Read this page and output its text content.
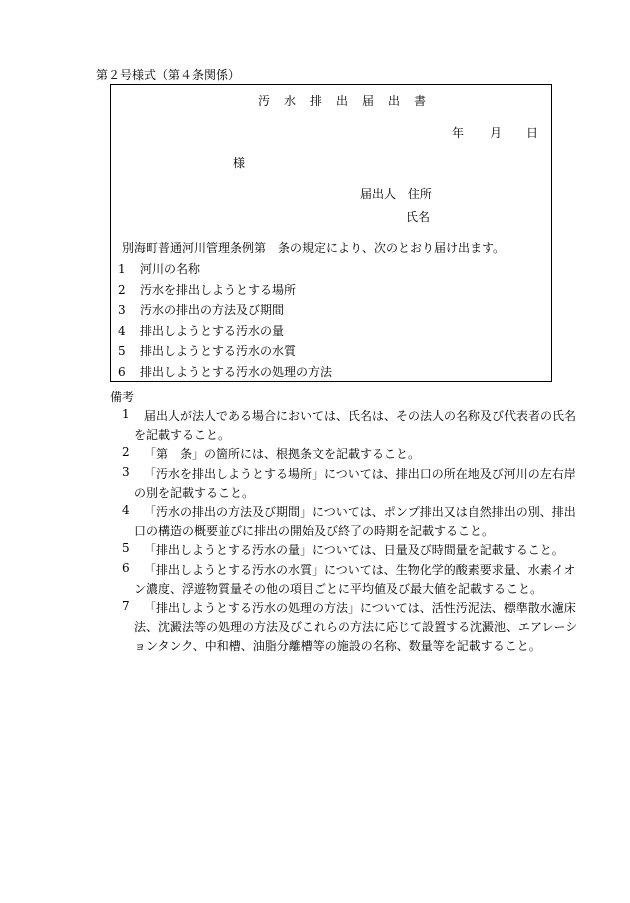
第２号様式（第４条関係）
汚水排出届出書
年 月 日
様
届出人 住所
氏名
別海町普通河川管理条例第　条の規定により、次のとおり届け出ます。
1 河川の名称
2 汚水を排出しようとする場所
3 汚水の排出の方法及び期間
4 排出しようとする汚水の量
5 排出しようとする汚水の水質
6 排出しようとする汚水の処理の方法
備考
1 届出人が法人である場合においては、氏名は、その法人の名称及び代表者の氏名
を記載すること。
2 「第　条」の箇所には、根拠条文を記載すること。
3 「汚水を排出しようとする場所」については、排出口の所在地及び河川の左右岸
の別を記載すること。
4 「汚水の排出の方法及び期間」については、ポンプ排出又は自然排出の別、排出
口の構造の概要並びに排出の開始及び終了の時期を記載すること。
5 「排出しようとする汚水の量」については、日量及び時間量を記載すること。
6 「排出しようとする汚水の水質」については、生物化学的酸素要求量、水素イオ
ン濃度、浮遊物質量その他の項目ごとに平均値及び最大値を記載すること。
7 「排出しようとする汚水の処理の方法」については、活性汚泥法、標準散水濾床
法、沈澱法等の処理の方法及びこれらの方法に応じて設置する沈澱池、エアレーシ
ョンタンク、中和槽、油脂分離槽等の施設の名称、数量等を記載すること。
